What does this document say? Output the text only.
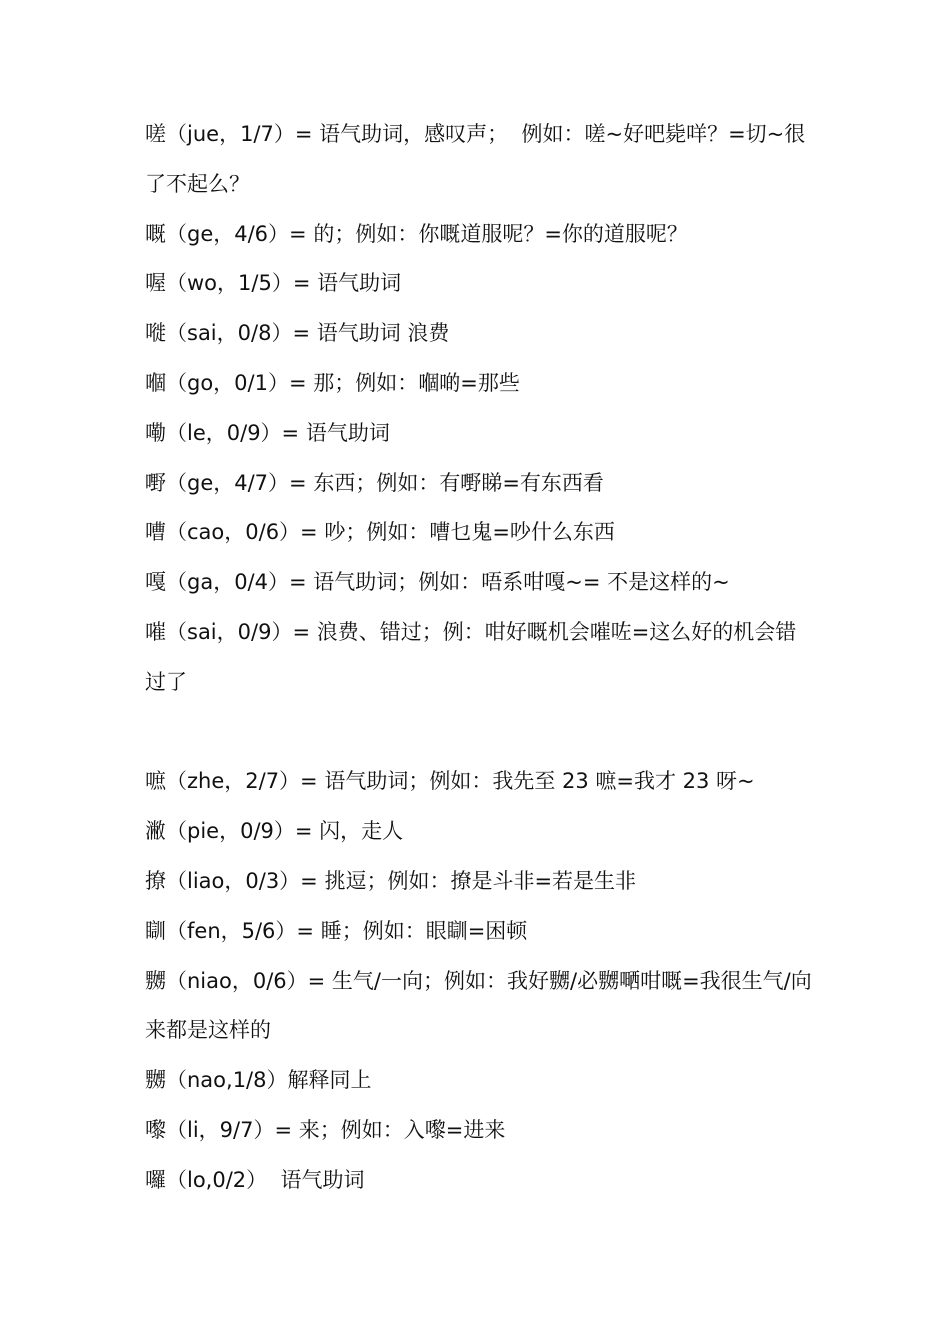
嗟（jue，1/7）= 语气助词，感叹声；  例如：嗟~好吧毙咩？=切~很了不起么？

嘅（ge，4/6）= 的；例如：你嘅道服呢？=你的道服呢？

喔（wo，1/5）= 语气助词

嘥（sai，0/8）= 语气助词 浪费

嗰（go，0/1）= 那；例如：嗰啲=那些

嘞（le，0/9）= 语气助词

嘢（ge，4/7）= 东西；例如：有嘢睇=有东西看

嘈（cao，0/6）= 吵；例如：嘈乜鬼=吵什么东西

嘎（ga，0/4）= 语气助词；例如：唔系咁嘎~= 不是这样的~

嗺（sai，0/9）= 浪费、错过；例：咁好嘅机会嗺咗=这么好的机会错过了

嗻（zhe，2/7）= 语气助词；例如：我先至 23 嗻=我才 23 呀~

潎（pie，0/9）= 闪，走人

撩（liao，0/3）= 挑逗；例如：撩是斗非=若是生非

瞓（fen，5/6）= 睡；例如：眼瞓=困顿

嬲（niao，0/6）= 生气/一向；例如：我好嬲/必嬲嗮咁嘅=我很生气/向来都是这样的

嬲（nao,1/8）解释同上

嚟（li，9/7）= 来；例如：入嚟=进来

囉（lo,0/2）  语气助词
